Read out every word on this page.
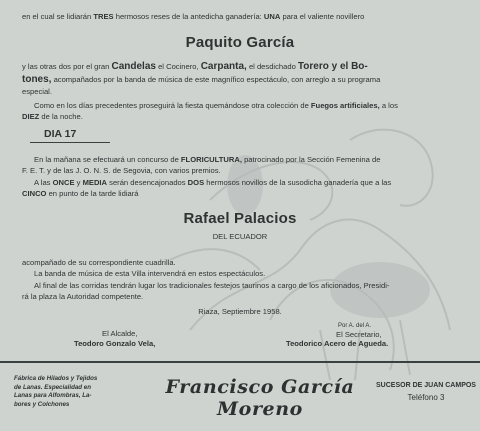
en el cual se lidiarán TRES hermosos reses de la antedicha ganadería: UNA para el valiente novillero
Paquito García
y las otras dos por el gran Candelas el Cocinero, Carpanta, el desdichado Torero y el Bo-
tones, acompañados por la banda de música de este magnífico espectáculo, con arreglo a su programa
especial.
Como en los días precedentes proseguirá la fiesta quemándose otra colección de Fuegos artificiales, a los
DIEZ de la noche.
DIA 17
En la mañana se efectuará un concurso de FLORICULTURA, patrocinado por la Sección Femenina de
F. E. T. y de las J. O. N. S. de Segovia, con varios premios.
A las ONCE y MEDIA serán desencajonados DOS hermosos novillos de la susodicha ganadería que a las
CINCO en punto de la tarde lidiará
Rafael Palacios
DEL ECUADOR
acompañado de su correspondiente cuadrilla.
La banda de música de esta Villa intervendrá en estos espectáculos.
Al final de las corridas tendrán lugar los tradicionales festejos taurinos a cargo de los aficionados, Presidi-
rá la plaza la Autoridad competente.
Riaza, Septiembre 1958.
El Alcalde,
Teodoro Gonzalo Vela,
Por A. del A.
El Secretario,
Teodorico Acero de Agueda.
Fábrica de Hilados y Tejidos
de Lanas. Especialidad en
Lanas para Alfombras, La-
bores y Colchones
Francisco García Moreno
SUCESOR DE JUAN CAMPOS
Teléfono 3
